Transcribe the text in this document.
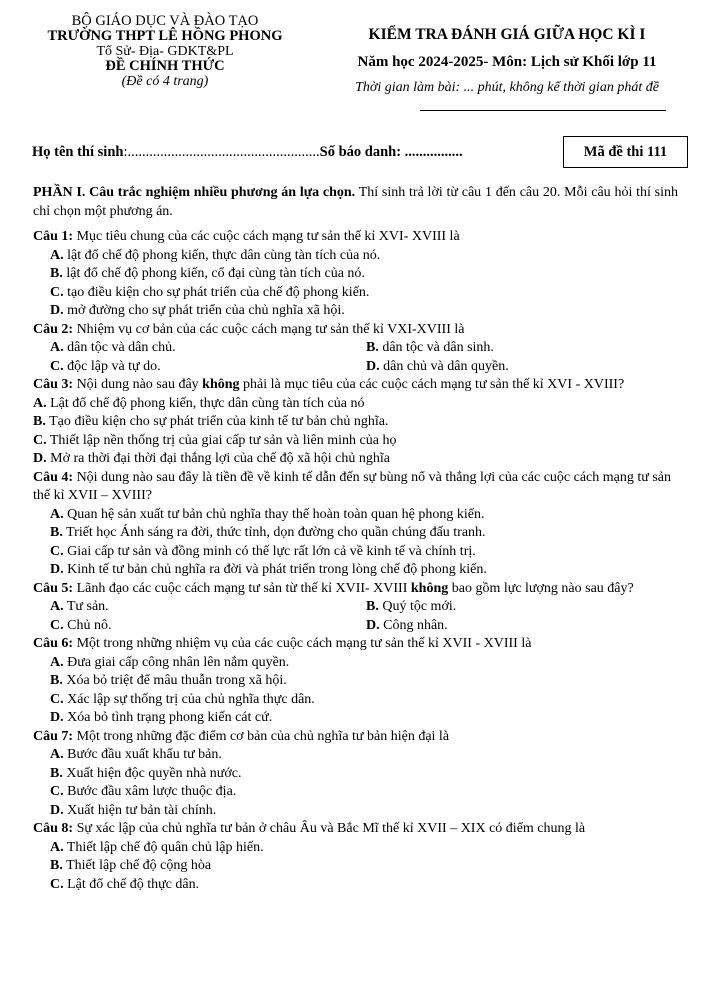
BỘ GIÁO DỤC VÀ ĐÀO TẠO
TRƯỜNG THPT LÊ HỒNG PHONG
Tổ Sử- Địa- GDKT&PL
ĐỀ CHÍNH THỨC
(Đề có 4 trang)
KIỂM TRA ĐÁNH GIÁ GIỮA HỌC KÌ I
Năm học 2024-2025- Môn: Lịch sử Khối lớp 11
Thời gian làm bài: ... phút, không kể thời gian phát đề
Họ tên thí sinh:.....................................................Số báo danh: ................	Mã đề thi 111
PHẦN I. Câu trắc nghiệm nhiều phương án lựa chọn. Thí sinh trả lời từ câu 1 đến câu 20. Mỗi câu hỏi thí sinh chỉ chọn một phương án.
Câu 1: Mục tiêu chung của các cuộc cách mạng tư sản thế kỉ XVI- XVIII là
A. lật đổ chế độ phong kiến, thực dân cùng tàn tích của nó.
B. lật đổ chế độ phong kiến, cổ đại cùng tàn tích của nó.
C. tạo điều kiện cho sự phát triển của chế độ phong kiến.
D. mở đường cho sự phát triển của chủ nghĩa xã hội.
Câu 2: Nhiệm vụ cơ bản của các cuộc cách mạng tư sản thế kỉ VXI-XVIII là
A. dân tộc và dân chủ.	B. dân tộc và dân sinh.
C. độc lập và tự do.	D. dân chủ và dân quyền.
Câu 3: Nội dung nào sau đây không phải là mục tiêu của các cuộc cách mạng tư sản thế kỉ XVI - XVIII?
A. Lật đổ chế độ phong kiến, thực dân cùng tàn tích của nó
B. Tạo điều kiện cho sự phát triển của kinh tế tư bản chủ nghĩa.
C. Thiết lập nền thống trị của giai cấp tư sản và liên minh của họ
D. Mở ra thời đại thời đại thắng lợi của chế độ xã hội chủ nghĩa
Câu 4: Nội dung nào sau đây là tiền đề về kinh tế dẫn đến sự bùng nổ và thắng lợi của các cuộc cách mạng tư sản thế kỉ XVII – XVIII?
A. Quan hệ sản xuất tư bản chủ nghĩa thay thế hoàn toàn quan hệ phong kiến.
B. Triết học Ánh sáng ra đời, thức tỉnh, dọn đường cho quần chúng đấu tranh.
C. Giai cấp tư sản và đồng minh có thế lực rất lớn cả về kinh tế và chính trị.
D. Kinh tế tư bản chủ nghĩa ra đời và phát triển trong lòng chế độ phong kiến.
Câu 5: Lãnh đạo các cuộc cách mạng tư sản từ thế kỉ XVII- XVIII không bao gồm lực lượng nào sau đây?
A. Tư sản.	B. Quý tộc mới.
C. Chủ nô.	D. Công nhân.
Câu 6: Một trong những nhiệm vụ của các cuộc cách mạng tư sản thế kỉ XVII - XVIII là
A. Đưa giai cấp công nhân lên nắm quyền.
B. Xóa bỏ triệt để mâu thuẫn trong xã hội.
C. Xác lập sự thống trị của chủ nghĩa thực dân.
D. Xóa bỏ tình trạng phong kiến cát cứ.
Câu 7: Một trong những đặc điểm cơ bản của chủ nghĩa tư bản hiện đại là
A. Bước đầu xuất khẩu tư bản.
B. Xuất hiện độc quyền nhà nước.
C. Bước đầu xâm lược thuộc địa.
D. Xuất hiện tư bản tài chính.
Câu 8: Sự xác lập của chủ nghĩa tư bản ở châu Âu và Bắc Mĩ thế kỉ XVII – XIX có điểm chung là
A. Thiết lập chế độ quân chủ lập hiến.
B. Thiết lập chế độ cộng hòa
C. Lật đổ chế độ thực dân.
